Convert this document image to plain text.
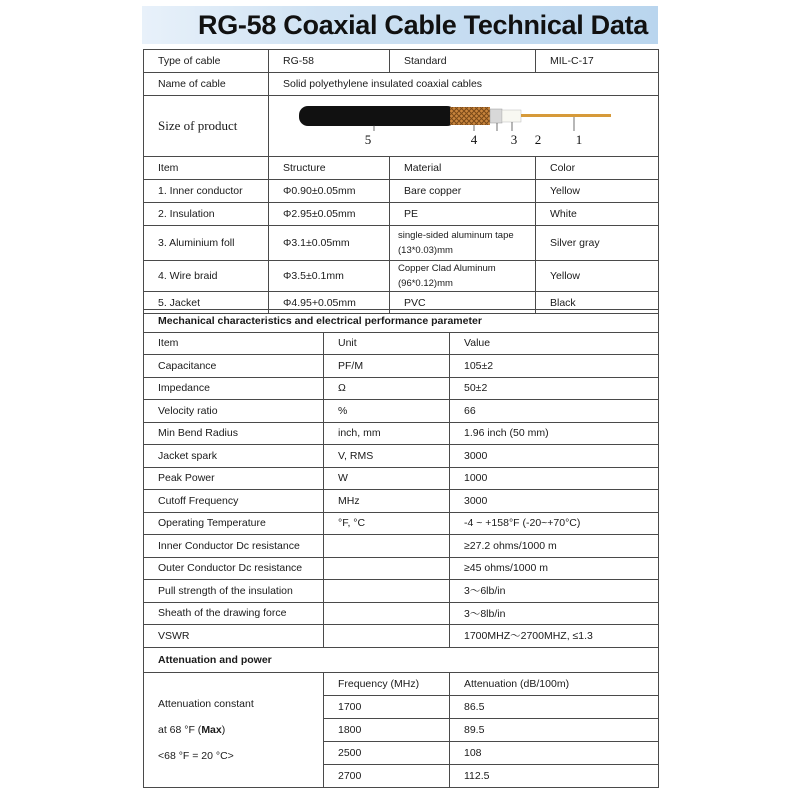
RG-58 Coaxial Cable Technical Data
Type of cable	RG-58	Standard	MIL-C-17
Name of cable	Solid polyethylene insulated coaxial cables		
Size of product	5 4 3 2 1		

Item	Structure	Material	Color
1. Inner conductor	Φ0.90±0.05mm	Bare copper	Yellow
2. Insulation	Φ2.95±0.05mm	PE	White
3. Aluminium foll	Φ3.1±0.05mm	single-sided aluminum tape (13*0.03)mm	Silver gray
4. Wire braid	Φ3.5±0.1mm	Copper Clad Aluminum (96*0.12)mm	Yellow
5. Jacket	Φ4.95+0.05mm	PVC	Black
Mechanical characteristics and electrical performance parameter		
Item	Unit	Value
Capacitance	PF/M	105±2
Impedance	Ω	50±2
Velocity ratio	%	66
Min Bend Radius	inch, mm	1.96 inch (50 mm)
Jacket spark	V, RMS	3000
Peak Power	W	1000
Cutoff Frequency	MHz	3000
Operating Temperature	°F, °C	-4 ~ +158°F (-20~+70°C)
Inner Conductor Dc resistance		≥27.2 ohms/1000 m
Outer Conductor Dc resistance		≥45 ohms/1000 m
Pull strength of the insulation		3～6lb/in
Sheath of the drawing force		3～8lb/in
VSWR		1700MHZ～2700MHZ, ≤1.3
Attenuation and power		
Attenuation constant
at 68 °F (Max)
<68 °F = 20 °C>	Frequency (MHz)	Attenuation (dB/100m)
	1700	86.5
	1800	89.5
	2500	108
	2700	112.5
